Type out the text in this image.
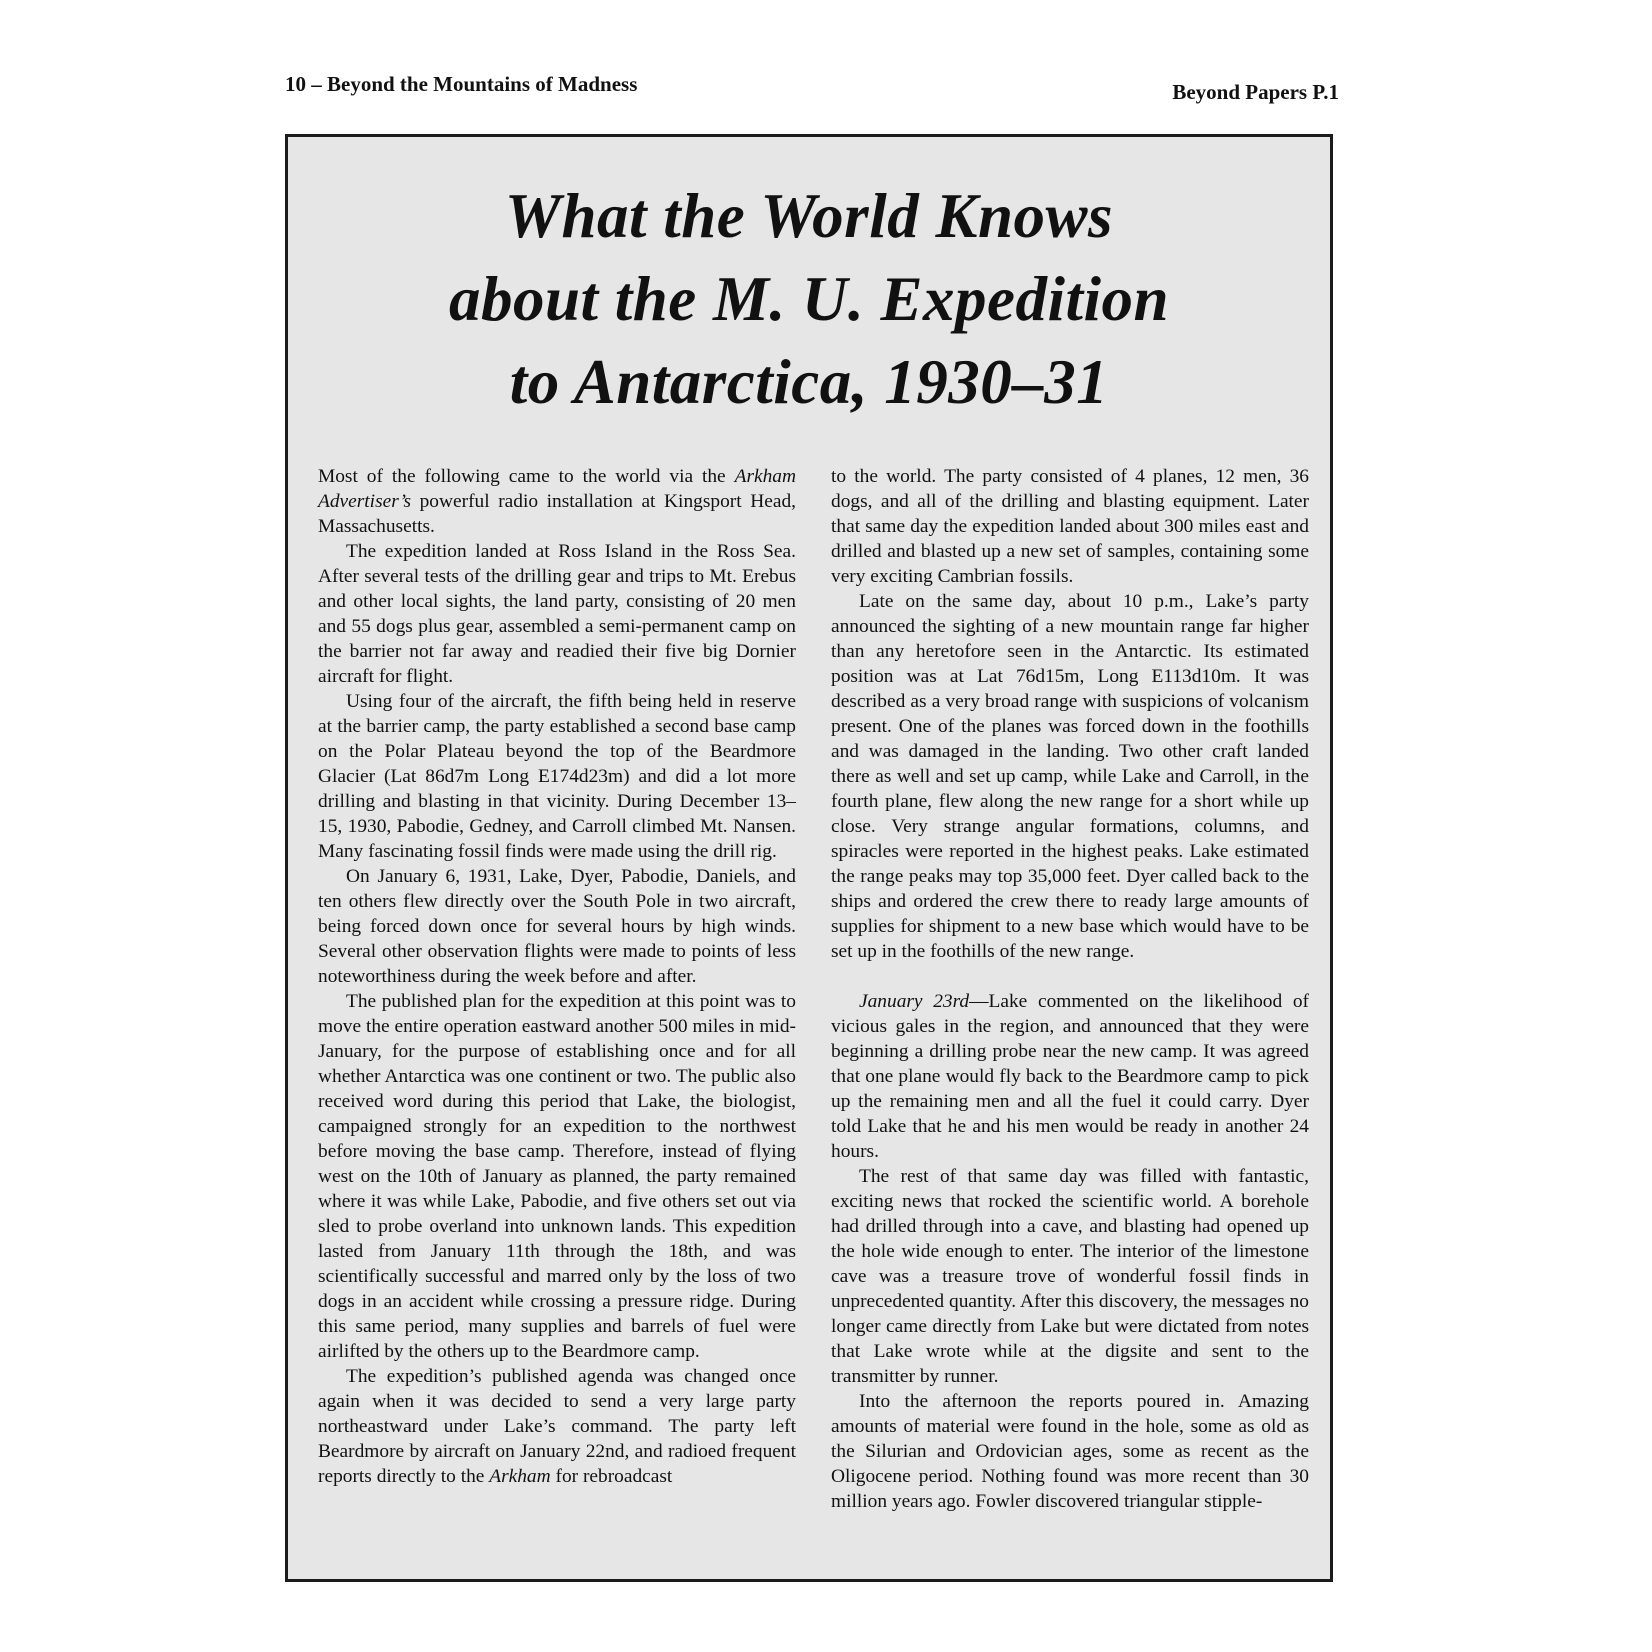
10 – Beyond the Mountains of Madness	Beyond Papers P.1
What the World Knows
about the M. U. Expedition
to Antarctica, 1930–31

Most of the following came to the world via the Arkham Advertiser’s powerful radio installation at Kingsport Head, Massachusetts.

The expedition landed at Ross Island in the Ross Sea. After several tests of the drilling gear and trips to Mt. Erebus and other local sights, the land party, consisting of 20 men and 55 dogs plus gear, assembled a semi-permanent camp on the barrier not far away and readied their five big Dornier aircraft for flight.

Using four of the aircraft, the fifth being held in reserve at the barrier camp, the party established a second base camp on the Polar Plateau beyond the top of the Beardmore Glacier (Lat 86d7m Long E174d23m) and did a lot more drilling and blasting in that vicinity. During December 13–15, 1930, Pabodie, Gedney, and Carroll climbed Mt. Nansen. Many fascinating fossil finds were made using the drill rig.

On January 6, 1931, Lake, Dyer, Pabodie, Daniels, and ten others flew directly over the South Pole in two aircraft, being forced down once for several hours by high winds. Several other observation flights were made to points of less noteworthiness during the week before and after.

The published plan for the expedition at this point was to move the entire operation eastward another 500 miles in mid-January, for the purpose of establishing once and for all whether Antarctica was one continent or two. The public also received word during this period that Lake, the biologist, campaigned strongly for an expedition to the northwest before moving the base camp. Therefore, instead of flying west on the 10th of January as planned, the party remained where it was while Lake, Pabodie, and five others set out via sled to probe overland into unknown lands. This expedition lasted from January 11th through the 18th, and was scientifically successful and marred only by the loss of two dogs in an accident while crossing a pressure ridge. During this same period, many supplies and barrels of fuel were airlifted by the others up to the Beardmore camp.

The expedition’s published agenda was changed once again when it was decided to send a very large party northeastward under Lake’s command. The party left Beardmore by aircraft on January 22nd, and radioed frequent reports directly to the Arkham for rebroadcast

to the world. The party consisted of 4 planes, 12 men, 36 dogs, and all of the drilling and blasting equipment. Later that same day the expedition landed about 300 miles east and drilled and blasted up a new set of samples, containing some very exciting Cambrian fossils.

Late on the same day, about 10 p.m., Lake’s party announced the sighting of a new mountain range far higher than any heretofore seen in the Antarctic. Its estimated position was at Lat 76d15m, Long E113d10m. It was described as a very broad range with suspicions of volcanism present. One of the planes was forced down in the foothills and was damaged in the landing. Two other craft landed there as well and set up camp, while Lake and Carroll, in the fourth plane, flew along the new range for a short while up close. Very strange angular formations, columns, and spiracles were reported in the highest peaks. Lake estimated the range peaks may top 35,000 feet. Dyer called back to the ships and ordered the crew there to ready large amounts of supplies for shipment to a new base which would have to be set up in the foothills of the new range.

January 23rd—Lake commented on the likelihood of vicious gales in the region, and announced that they were beginning a drilling probe near the new camp. It was agreed that one plane would fly back to the Beardmore camp to pick up the remaining men and all the fuel it could carry. Dyer told Lake that he and his men would be ready in another 24 hours.

The rest of that same day was filled with fantastic, exciting news that rocked the scientific world. A borehole had drilled through into a cave, and blasting had opened up the hole wide enough to enter. The interior of the limestone cave was a treasure trove of wonderful fossil finds in unprecedented quantity. After this discovery, the messages no longer came directly from Lake but were dictated from notes that Lake wrote while at the digsite and sent to the transmitter by runner.

Into the afternoon the reports poured in. Amazing amounts of material were found in the hole, some as old as the Silurian and Ordovician ages, some as recent as the Oligocene period. Nothing found was more recent than 30 million years ago. Fowler discovered triangular stipple-
